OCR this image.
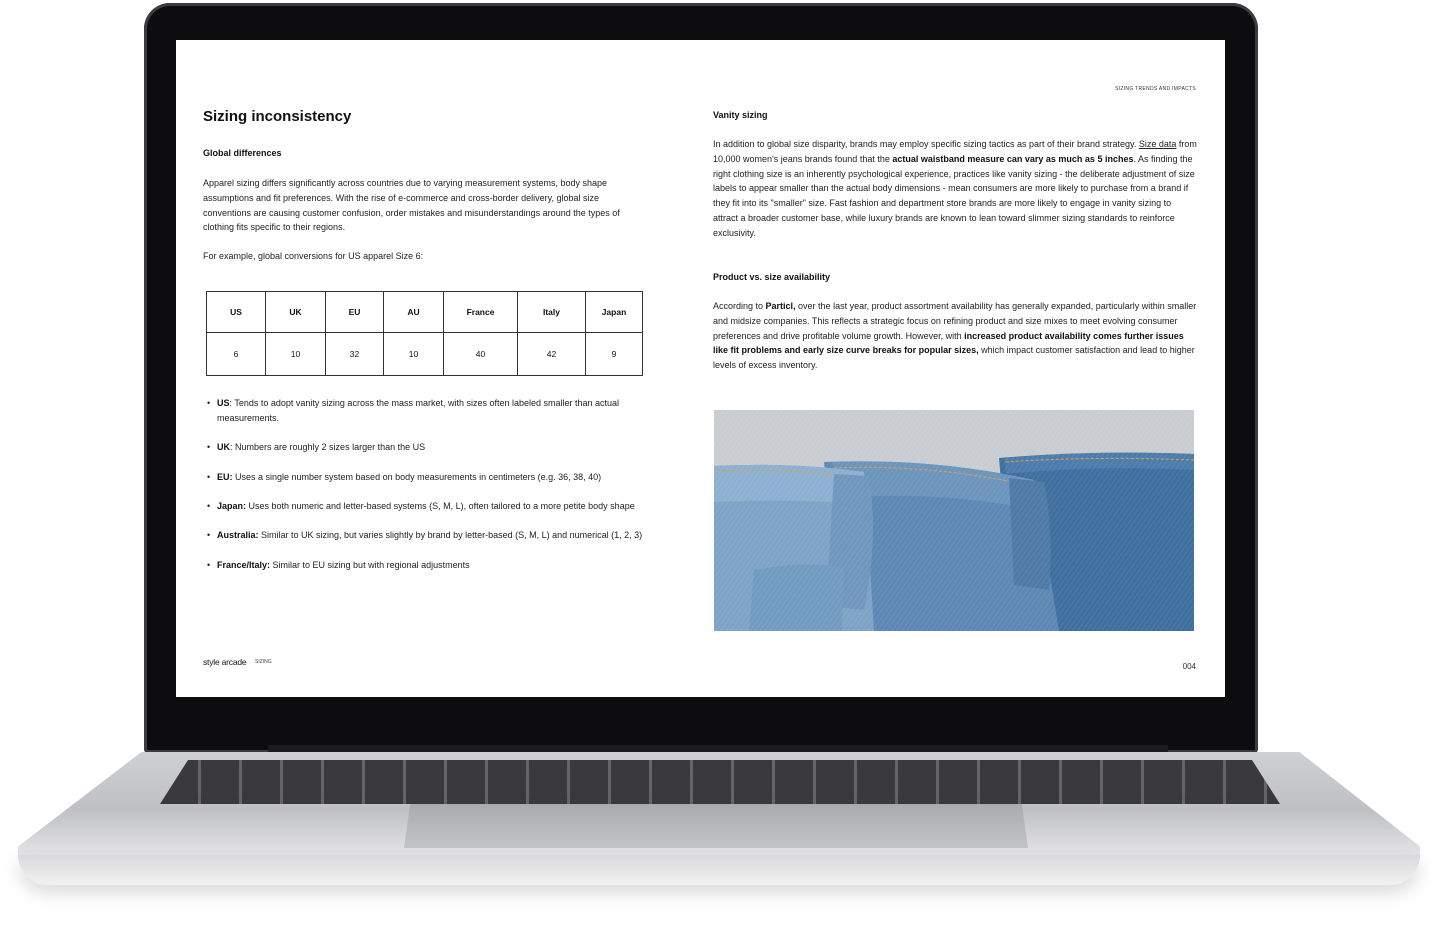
SIZING TRENDS AND IMPACTS
Sizing inconsistency
Global differences
Apparel sizing differs significantly across countries due to varying measurement systems, body shape assumptions and fit preferences. With the rise of e-commerce and cross-border delivery, global size conventions are causing customer confusion, order mistakes and misunderstandings around the types of clothing fits specific to their regions.
For example, global conversions for US apparel Size 6:
US	UK	EU	AU	France	Italy	Japan
6	10	32	10	40	42	9
• US: Tends to adopt vanity sizing across the mass market, with sizes often labeled smaller than actual measurements.
• UK: Numbers are roughly 2 sizes larger than the US
• EU: Uses a single number system based on body measurements in centimeters (e.g. 36, 38, 40)
• Japan: Uses both numeric and letter-based systems (S, M, L), often tailored to a more petite body shape
• Australia: Similar to UK sizing, but varies slightly by brand by letter-based (S, M, L) and numerical (1, 2, 3)
• France/Italy: Similar to EU sizing but with regional adjustments
Vanity sizing
In addition to global size disparity, brands may employ specific sizing tactics as part of their brand strategy. Size data from 10,000 women's jeans brands found that the actual waistband measure can vary as much as 5 inches. As finding the right clothing size is an inherently psychological experience, practices like vanity sizing - the deliberate adjustment of size labels to appear smaller than the actual body dimensions - mean consumers are more likely to purchase from a brand if they fit into its "smaller" size. Fast fashion and department store brands are more likely to engage in vanity sizing to attract a broader customer base, while luxury brands are known to lean toward slimmer sizing standards to reinforce exclusivity.
Product vs. size availability
According to Particl, over the last year, product assortment availability has generally expanded, particularly within smaller and midsize companies. This reflects a strategic focus on refining product and size mixes to meet evolving consumer preferences and drive profitable volume growth. However, with increased product availability comes further issues like fit problems and early size curve breaks for popular sizes, which impact customer satisfaction and lead to higher levels of excess inventory.
style arcade SIZING	004
